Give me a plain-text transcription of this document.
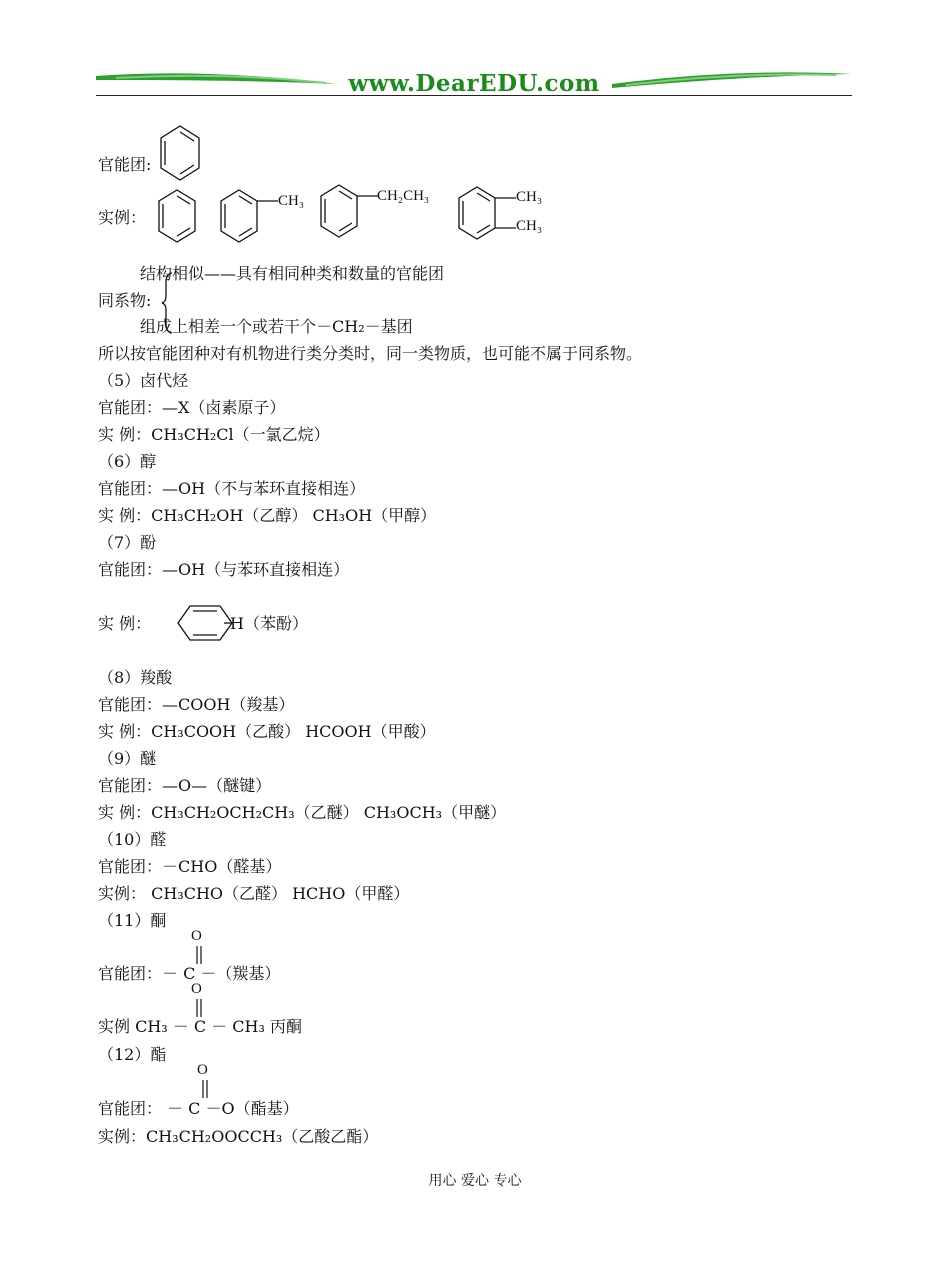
www.DearEDU.com
官能团:
实例：
CH₃	CH₂CH₃	CH₃
CH₃
结构相似——具有相同种类和数量的官能团
同系物:
组成上相差一个或若干个－CH₂－基团
所以按官能团种对有机物进行类分类时，同一类物质，也可能不属于同系物。
（5）卤代烃
官能团：—X（卤素原子）
实 例：CH₃CH₂Cl（一氯乙烷）
（6）醇
官能团：—OH（不与苯环直接相连）
实 例：CH₃CH₂OH（乙醇） CH₃OH（甲醇）
（7）酚
官能团：—OH（与苯环直接相连）
实 例：	H（苯酚）
（8）羧酸
官能团：—COOH（羧基）
实 例：CH₃COOH（乙酸） HCOOH（甲酸）
（9）醚
官能团：—O—（醚键）
实 例：CH₃CH₂OCH₂CH₃（乙醚） CH₃OCH₃（甲醚）
（10）醛
官能团：－CHO（醛基）
实例： CH₃CHO（乙醛） HCHO（甲醛）
（11）酮
O
官能团：－ C －（羰基）
O
实例 CH₃ － C － CH₃ 丙酮
（12）酯
O
官能团： － C －O（酯基）
实例：CH₃CH₂OOCCH₃（乙酸乙酯）
用心 爱心 专心
